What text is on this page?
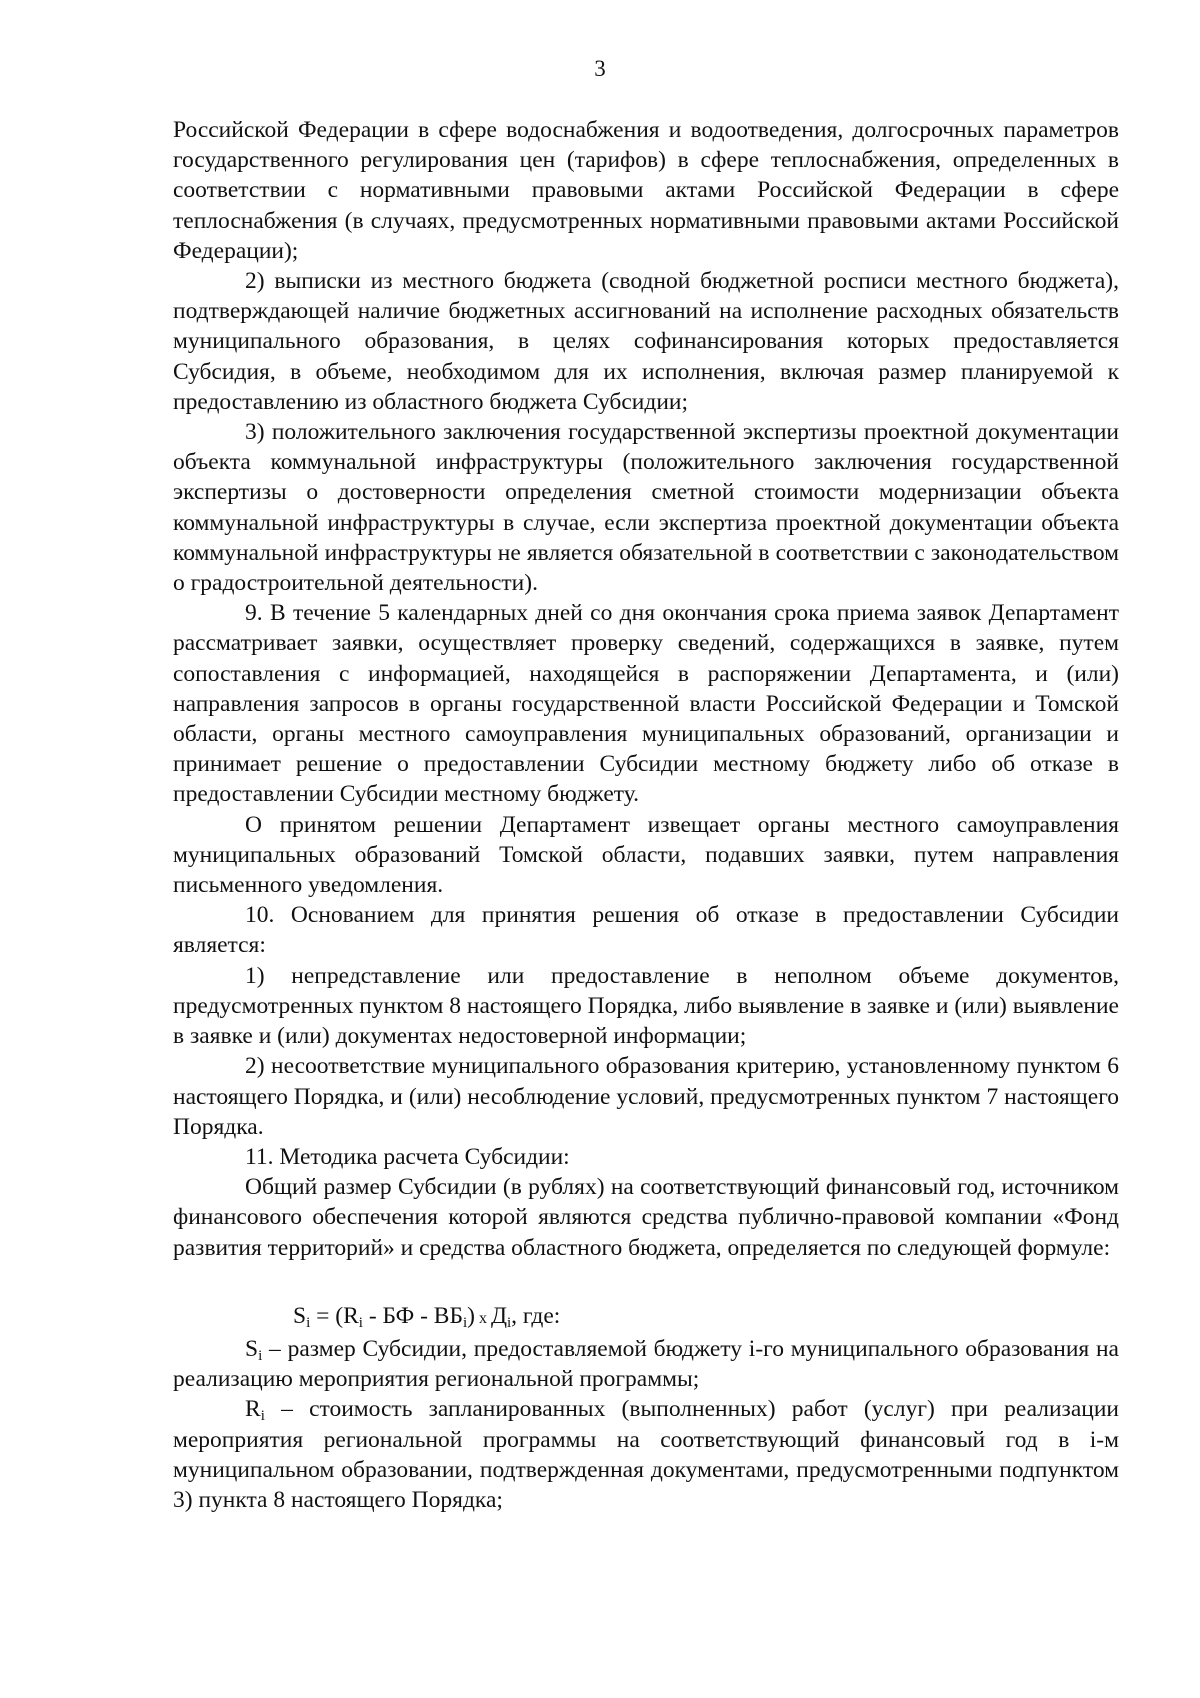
3

Российской Федерации в сфере водоснабжения и водоотведения, долгосрочных параметров государственного регулирования цен (тарифов) в сфере теплоснабжения, определенных в соответствии с нормативными правовыми актами Российской Федерации в сфере теплоснабжения (в случаях, предусмотренных нормативными правовыми актами Российской Федерации);

2) выписки из местного бюджета (сводной бюджетной росписи местного бюджета), подтверждающей наличие бюджетных ассигнований на исполнение расходных обязательств муниципального образования, в целях софинансирования которых предоставляется Субсидия, в объеме, необходимом для их исполнения, включая размер планируемой к предоставлению из областного бюджета Субсидии;

3) положительного заключения государственной экспертизы проектной документации объекта коммунальной инфраструктуры (положительного заключения государственной экспертизы о достоверности определения сметной стоимости модернизации объекта коммунальной инфраструктуры в случае, если экспертиза проектной документации объекта коммунальной инфраструктуры не является обязательной в соответствии с законодательством о градостроительной деятельности).

9. В течение 5 календарных дней со дня окончания срока приема заявок Департамент рассматривает заявки, осуществляет проверку сведений, содержащихся в заявке, путем сопоставления с информацией, находящейся в распоряжении Департамента, и (или) направления запросов в органы государственной власти Российской Федерации и Томской области, органы местного самоуправления муниципальных образований, организации и принимает решение о предоставлении Субсидии местному бюджету либо об отказе в предоставлении Субсидии местному бюджету.

О принятом решении Департамент извещает органы местного самоуправления муниципальных образований Томской области, подавших заявки, путем направления письменного уведомления.

10. Основанием для принятия решения об отказе в предоставлении Субсидии является:

1) непредставление или предоставление в неполном объеме документов, предусмотренных пунктом 8 настоящего Порядка, либо выявление в заявке и (или) выявление в заявке и (или) документах недостоверной информации;

2) несоответствие муниципального образования критерию, установленному пунктом 6 настоящего Порядка, и (или) несоблюдение условий, предусмотренных пунктом 7 настоящего Порядка.

11. Методика расчета Субсидии:

Общий размер Субсидии (в рублях) на соответствующий финансовый год, источником финансового обеспечения которой являются средства публично-правовой компании «Фонд развития территорий» и средства областного бюджета, определяется по следующей формуле:

$S_i = (R_i$ - БФ - $ВБ_i$) х $Д_i$, где:

$S_i$ – размер Субсидии, предоставляемой бюджету i-го муниципального образования на реализацию мероприятия региональной программы;

$R_i$ – стоимость запланированных (выполненных) работ (услуг) при реализации мероприятия региональной программы на соответствующий финансовый год в i-м муниципальном образовании, подтвержденная документами, предусмотренными подпунктом 3) пункта 8 настоящего Порядка;
